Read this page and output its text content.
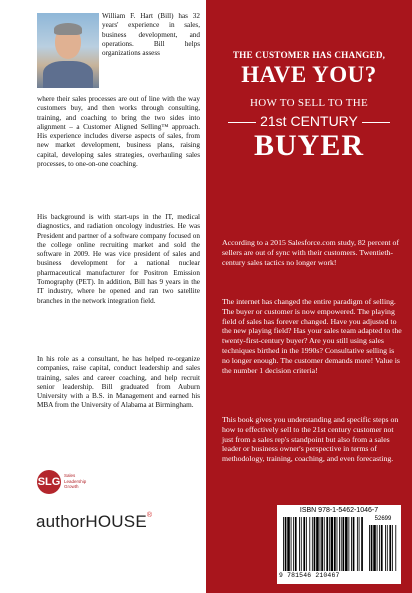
William F. Hart (Bill) has 32 years' experience in sales, business development, and operations. Bill helps organizations assess

where their sales processes are out of line with the way customers buy, and then works through consulting, training, and coaching to bring the two sides into alignment – a Customer Aligned Selling™ approach. His experience includes diverse aspects of sales, from new market development, business plans, raising capital, developing sales strategies, overhauling sales processes, to one-on-one coaching.

His background is with start-ups in the IT, medical diagnostics, and radiation oncology industries. He was President and partner of a software company focused on the college online recruiting market and sold the software in 2009. He was vice president of sales and business development for a national nuclear pharmaceutical manufacturer for Positron Emission Tomography (PET). In addition, Bill has 9 years in the IT industry, where he opened and ran two satellite branches in the network integration field.

In his role as a consultant, he has helped re-organize companies, raise capital, conduct leadership and sales training, sales and career coaching, and help recruit senior leadership. Bill graduated from Auburn University with a B.S. in Management and earned his MBA from the University of Alabama at Birmingham.

SLG
Sales
Leadership
Growth
authorHOUSE®
THE CUSTOMER HAS CHANGED,
HAVE YOU?
HOW TO SELL TO THE
21st CENTURY
BUYER

According to a 2015 Salesforce.com study, 82 percent of sellers are out of sync with their customers. Twentieth-century sales tactics no longer work!

The internet has changed the entire paradigm of selling. The buyer or customer is now empowered. The playing field of sales has forever changed. Have you adjusted to the new playing field? Has your sales team adapted to the twenty-first-century buyer? Are you still using sales techniques birthed in the 1990s? Consultative selling is no longer enough. The customer demands more! Value is the number 1 decision criteria!

This book gives you understanding and specific steps on how to effectively sell to the 21st century customer not just from a sales rep's standpoint but also from a sales leader or business owner's perspective in terms of methodology, training, coaching, and even forecasting.

ISBN 978-1-5462-1046-7
52699
9 781546 210467
